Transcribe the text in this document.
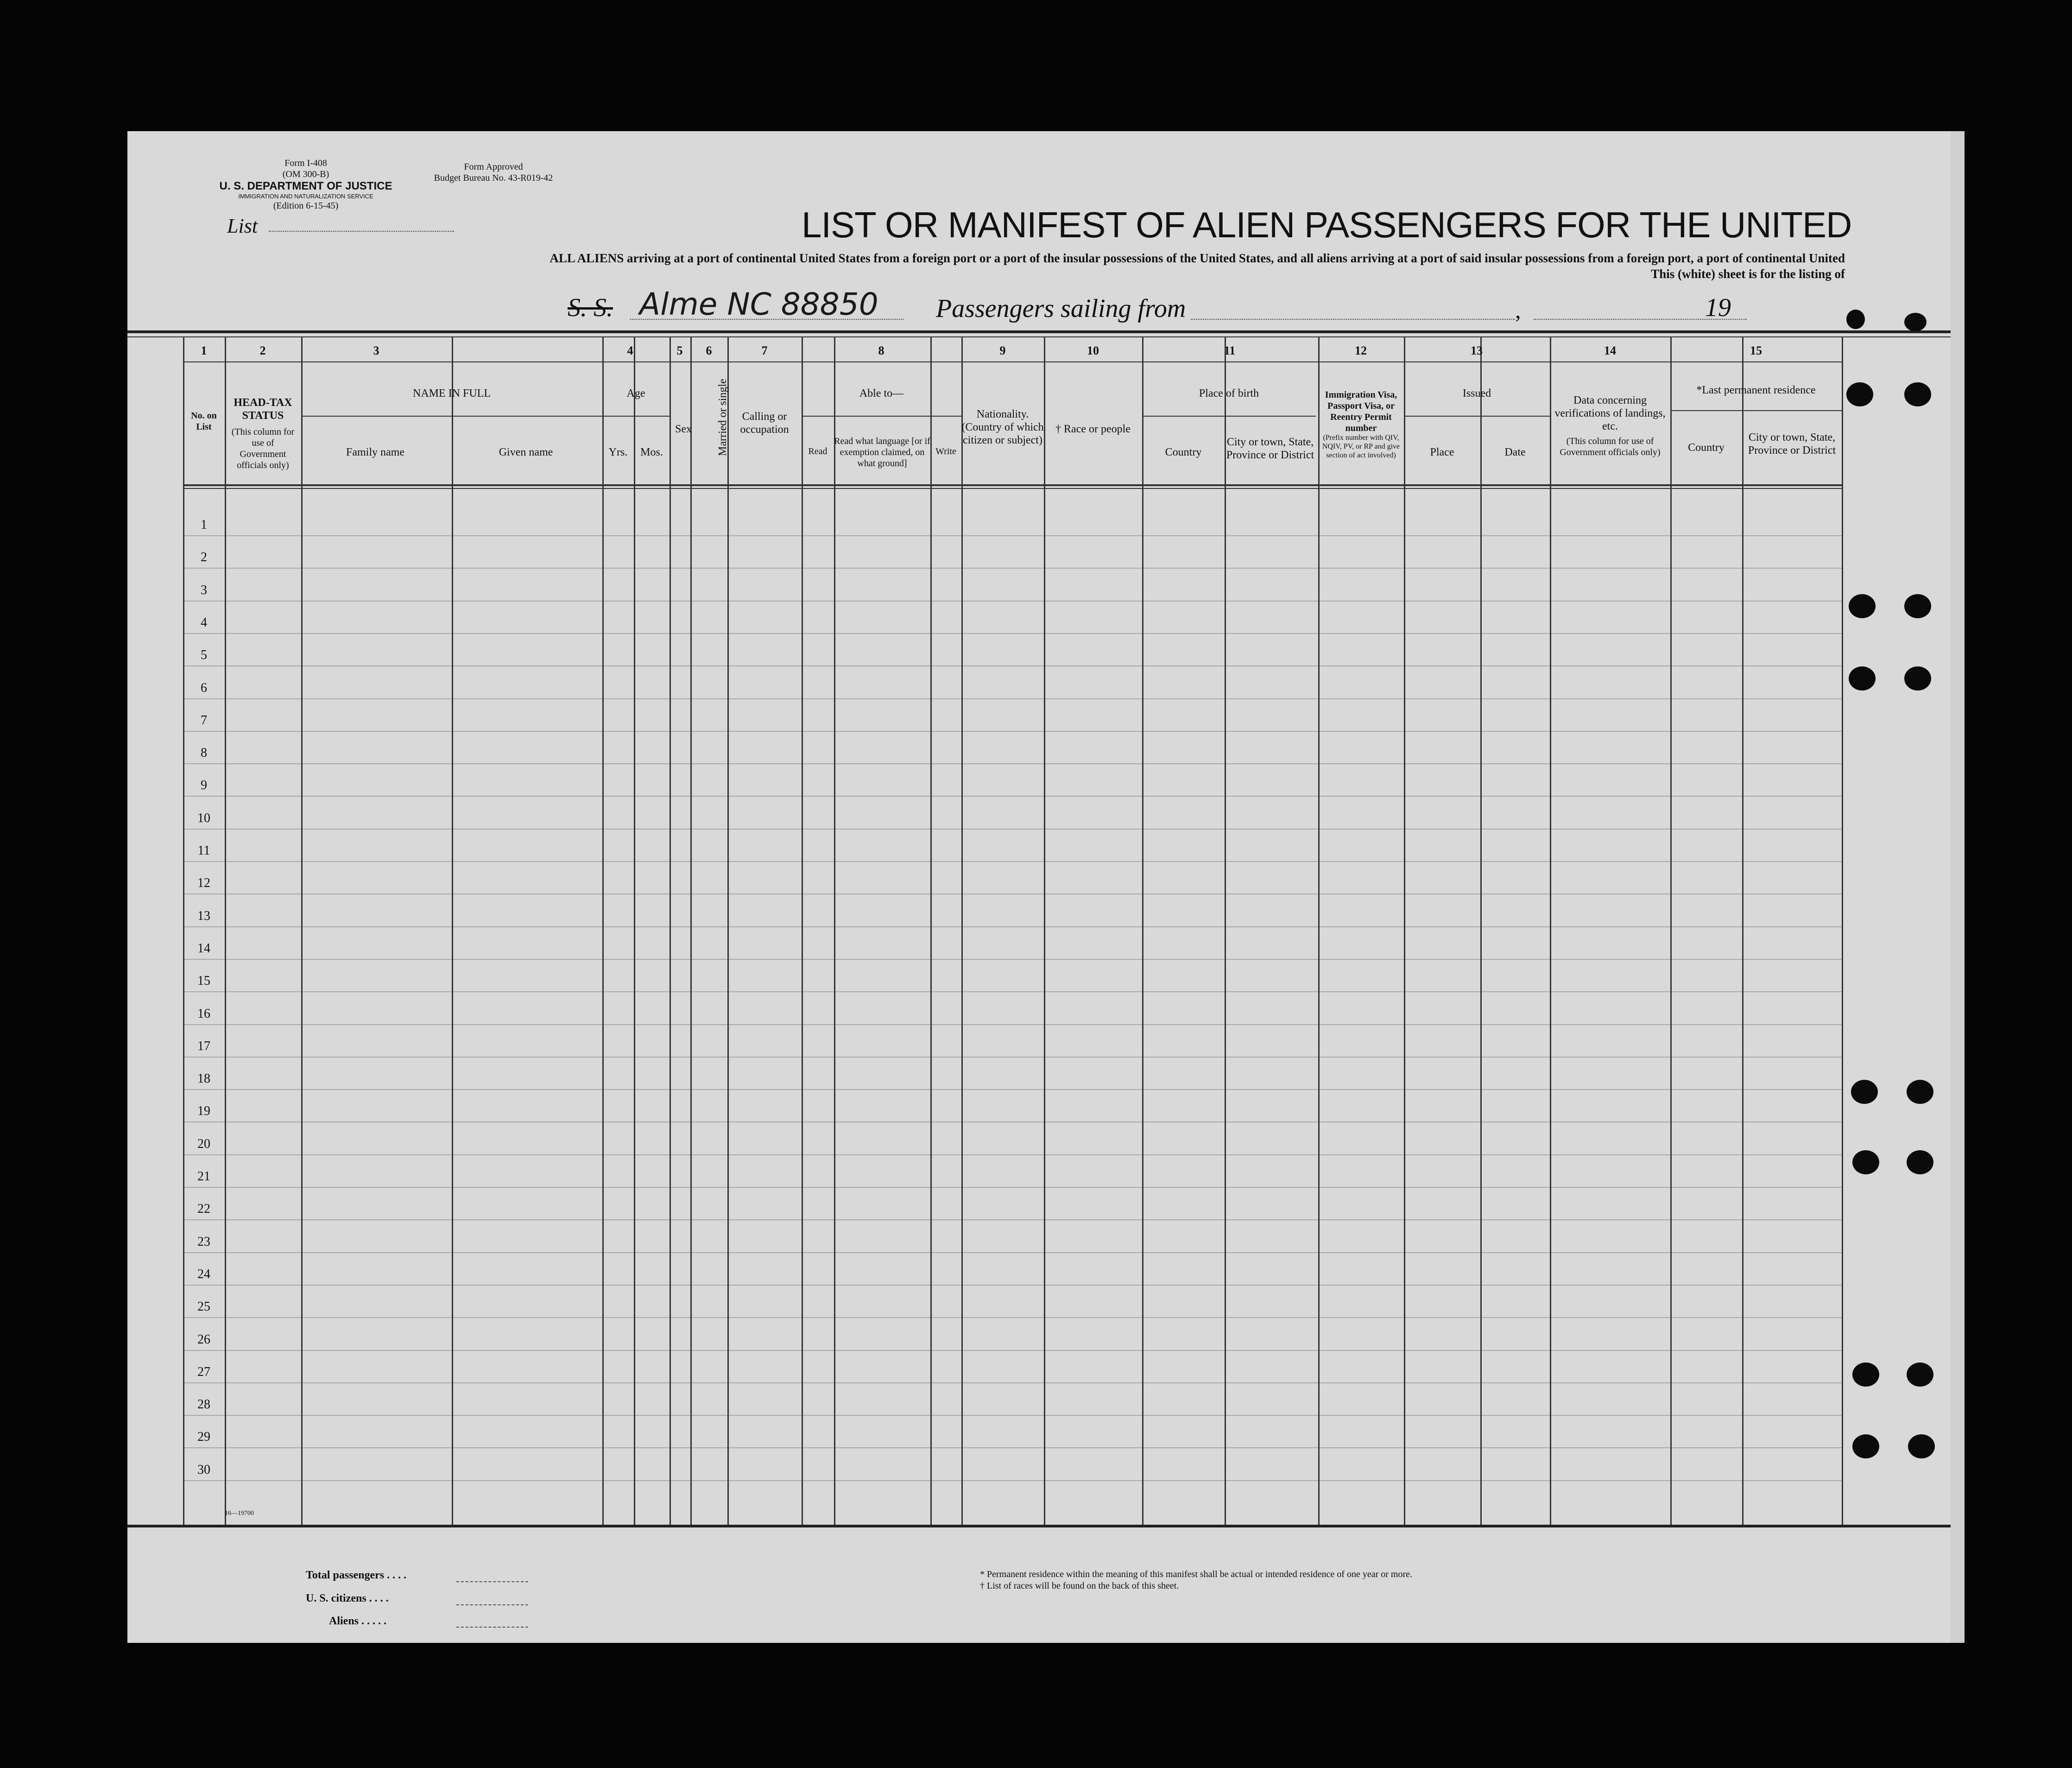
Form I-408
(OM 300-B)
U. S. DEPARTMENT OF JUSTICE
IMMIGRATION AND NATURALIZATION SERVICE
(Edition 6-15-45)
Form Approved
Budget Bureau No. 43-R019-42
List	LIST OR MANIFEST OF ALIEN PASSENGERS FOR THE UNITED
ALL ALIENS arriving at a port of continental United States from a foreign port or a port of the insular possessions of the United States, and all aliens arriving at a port of said insular possessions from a foreign port, a port of continental United
This (white) sheet is for the listing of
S. S. Alme NC 88850 Passengers sailing from	,	19
1	2	3	4	5	6	7	8	9	10	11	12	13	14	15
No. on List
HEAD-TAX STATUS
(This column for use of Government officials only)
NAME IN FULL
Family name	Given name
Age
Yrs.	Mos.
Sex	Married or single	Calling or occupation
Able to—
Read
Read what language [or if exemption claimed, on what ground]
Write
Nationality. (Country of which citizen or subject)
† Race or people
Place of birth
Country
City or town, State, Province or District
Immigration Visa, Passport Visa, or Reentry Permit number
(Prefix number with QIV, NQIV, PV, or RP and give section of act involved)
Issued
Place	Date
Data concerning verifications of landings, etc.
(This column for use of Government officials only)
*Last permanent residence
Country
City or town, State, Province or District
1
2
3
4
5
6
7
8
9
10
11
12
13
14
15
16
17
18
19
20
21
22
23
24
25
26
27
28
29
30
16—19700
Total passengers . . . .
U. S. citizens . . . .
Aliens . . . . .
* Permanent residence within the meaning of this manifest shall be actual or intended residence of one year or more.
† List of races will be found on the back of this sheet.
